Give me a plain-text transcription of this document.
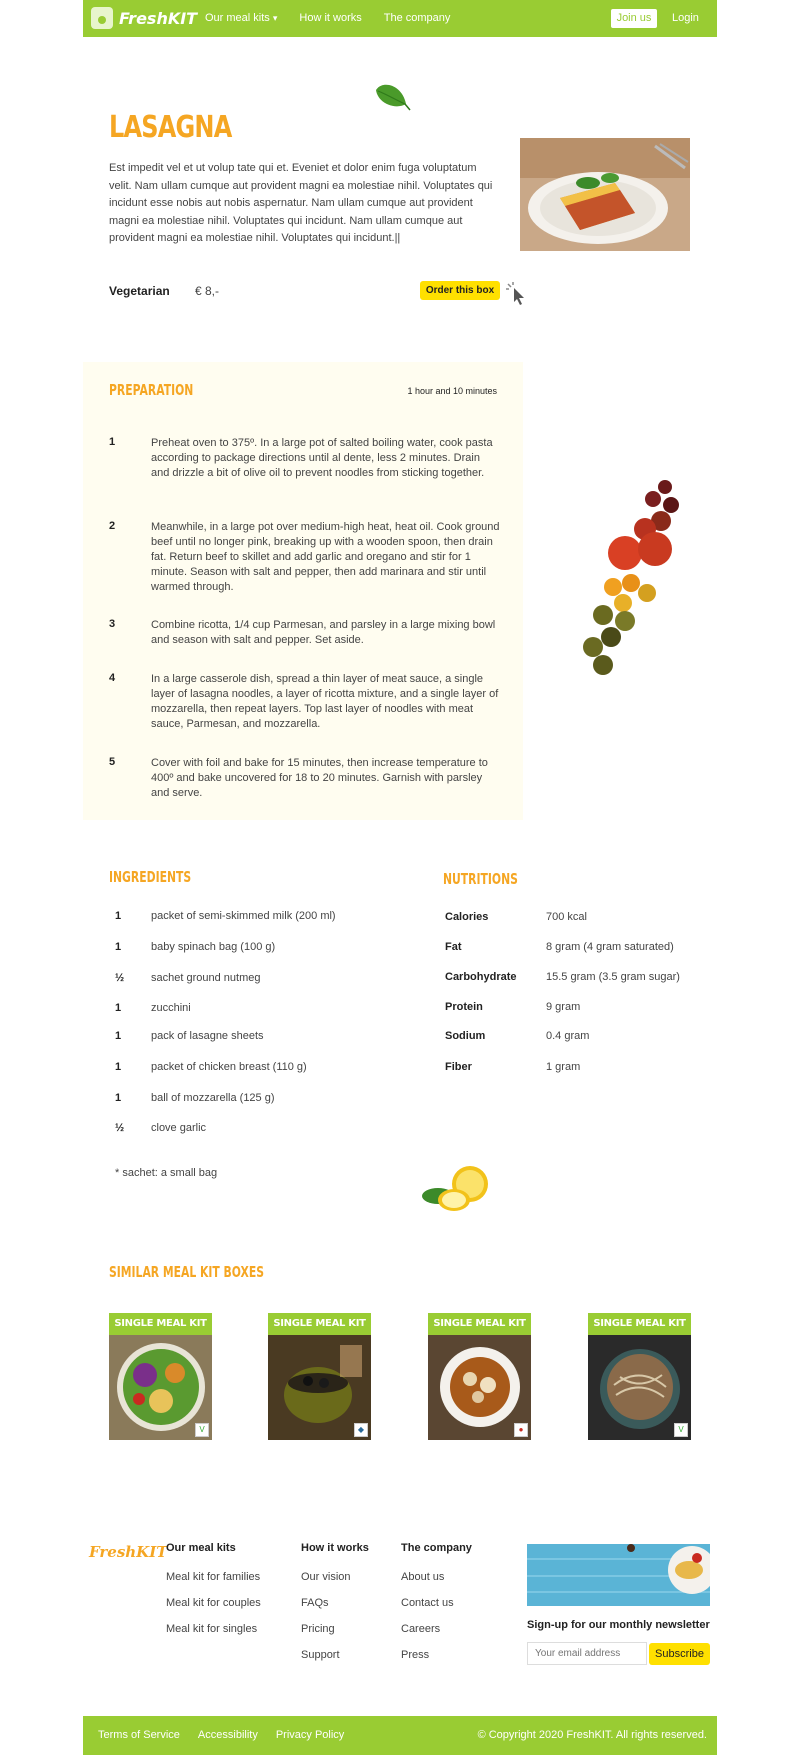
FreshKIT Our meal kits ▾ How it works The company	Join us	Login
LASAGNA

Est impedit vel et ut volup tate qui et. Eveniet et dolor enim fuga voluptatum velit. Nam ullam cumque aut provident magni ea molestiae nihil. Voluptates qui incidunt esse nobis aut nobis aspernatur. Nam ullam cumque aut provident magni ea molestiae nihil. Voluptates qui incidunt. Nam ullam cumque aut provident magni ea molestiae nihil. Voluptates qui incidunt.||

Vegetarian € 8,-	Order this box
PREPARATION	1 hour and 10 minutes
1	Preheat oven to 375º. In a large pot of salted boiling water, cook pasta according to package directions until al dente, less 2 minutes. Drain and drizzle a bit of olive oil to prevent noodles from sticking together.
2	Meanwhile, in a large pot over medium-high heat, heat oil. Cook ground beef until no longer pink, breaking up with a wooden spoon, then drain fat. Return beef to skillet and add garlic and oregano and stir for 1 minute. Season with salt and pepper, then add marinara and stir until warmed through.
3	Combine ricotta, 1/4 cup Parmesan, and parsley in a large mixing bowl and season with salt and pepper. Set aside.
4	In a large casserole dish, spread a thin layer of meat sauce, a single layer of lasagna noodles, a layer of ricotta mixture, and a single layer of mozzarella, then repeat layers. Top last layer of noodles with meat sauce, Parmesan, and mozzarella.
5	Cover with foil and bake for 15 minutes, then increase temperature to 400º and bake uncovered for 18 to 20 minutes. Garnish with parsley and serve.
INGREDIENTS	NUTRITIONS
1	packet of semi-skimmed milk (200 ml)
1	baby spinach bag (100 g)
½ sachet ground nutmeg
1	zucchini
1	pack of lasagne sheets
1	packet of chicken breast (110 g)
1	ball of mozzarella (125 g)
½ clove garlic
Calories	700 kcal
Fat	8 gram (4 gram saturated)
Carbohydrate	15.5 gram (3.5 gram sugar)
Protein	9 gram
Sodium	0.4 gram
Fiber	1 gram
* sachet: a small bag
SIMILAR MEAL KIT BOXES
SINGLE MEAL KIT
V
SINGLE MEAL KIT
◆
SINGLE MEAL KIT
●
SINGLE MEAL KIT
V
FreshKIT
Our meal kits
Meal kit for families
Meal kit for couples
Meal kit for singles
How it works
Our vision
FAQs
Pricing
Support
The company
About us
Contact us
Careers
Press
Sign-up for our monthly newsletter
Your email address
Subscribe
Terms of Service Accessibility Privacy Policy	© Copyright 2020 FreshKIT. All rights reserved.
